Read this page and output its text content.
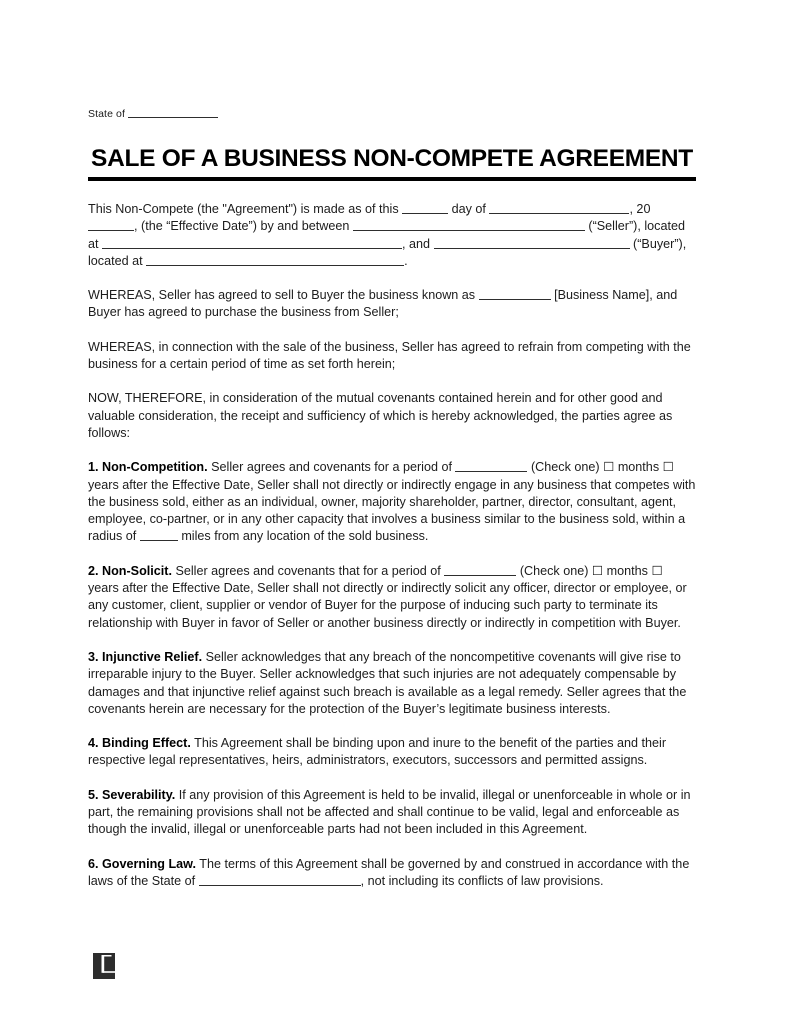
State of
SALE OF A BUSINESS NON-COMPETE AGREEMENT

This Non-Compete (the "Agreement") is made as of this	day of	, 20, (the “Effective Date”) by and between	(“Seller”), located at	, and	(“Buyer”), located at	.

WHEREAS, Seller has agreed to sell to Buyer the business known as	[Business Name], and Buyer has agreed to purchase the business from Seller;

WHEREAS, in connection with the sale of the business, Seller has agreed to refrain from competing with the business for a certain period of time as set forth herein;

NOW, THEREFORE, in consideration of the mutual covenants contained herein and for other good and valuable consideration, the receipt and sufficiency of which is hereby acknowledged, the parties agree as follows:

1. Non-Competition. Seller agrees and covenants for a period of	(Check one) ☐ months ☐ years after the Effective Date, Seller shall not directly or indirectly engage in any business that competes with the business sold, either as an individual, owner, majority shareholder, partner, director, consultant, agent, employee, co-partner, or in any other capacity that involves a business similar to the business sold, within a radius of	miles from any location of the sold business.

2. Non-Solicit. Seller agrees and covenants that for a period of	(Check one) ☐ months ☐ years after the Effective Date, Seller shall not directly or indirectly solicit any officer, director or employee, or any customer, client, supplier or vendor of Buyer for the purpose of inducing such party to terminate its relationship with Buyer in favor of Seller or another business directly or indirectly in competition with Buyer.

3. Injunctive Relief. Seller acknowledges that any breach of the noncompetitive covenants will give rise to irreparable injury to the Buyer. Seller acknowledges that such injuries are not adequately compensable by damages and that injunctive relief against such breach is available as a legal remedy. Seller agrees that the covenants herein are necessary for the protection of the Buyer’s legitimate business interests.

4. Binding Effect. This Agreement shall be binding upon and inure to the benefit of the parties and their respective legal representatives, heirs, administrators, executors, successors and permitted assigns.

5. Severability. If any provision of this Agreement is held to be invalid, illegal or unenforceable in whole or in part, the remaining provisions shall not be affected and shall continue to be valid, legal and enforceable as though the invalid, illegal or unenforceable parts had not been included in this Agreement.

6. Governing Law. The terms of this Agreement shall be governed by and construed in accordance with the laws of the State of	, not including its conflicts of law provisions.
